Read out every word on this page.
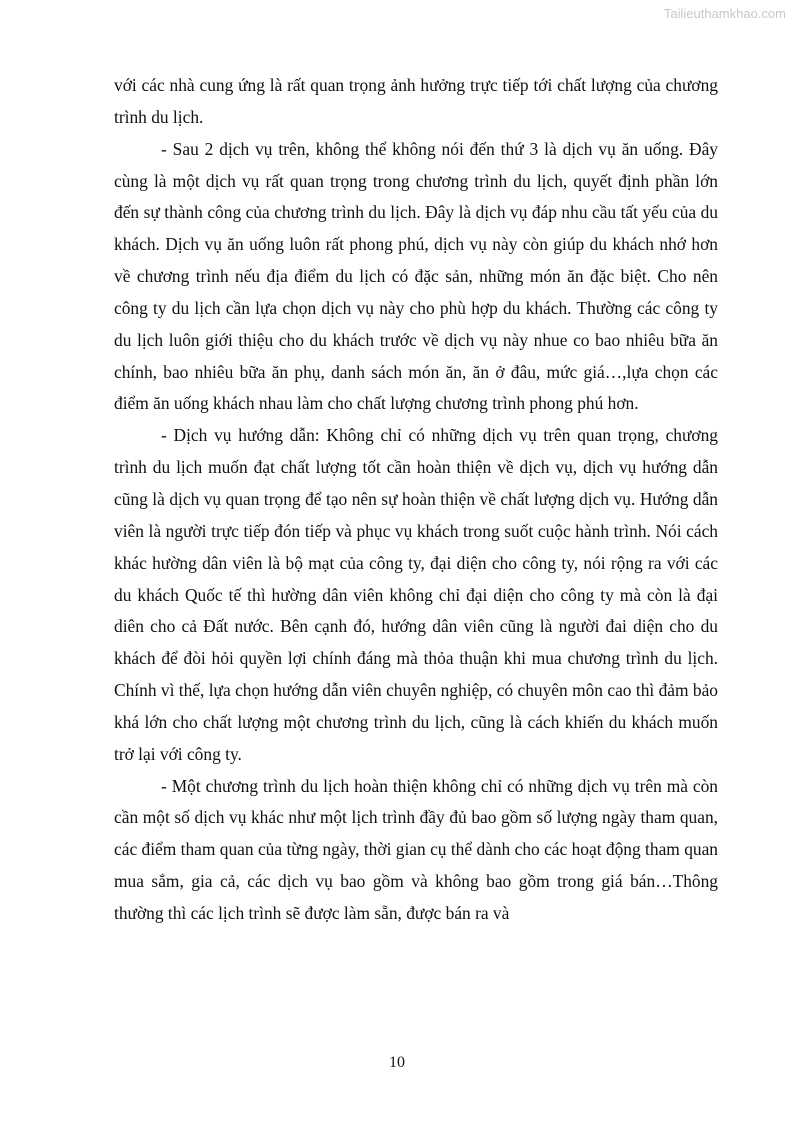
Tailieuthamkhao.com

với các nhà cung ứng là rất quan trọng ảnh hưởng trực tiếp tới chất lượng của chương trình du lịch.

- Sau 2 dịch vụ trên, không thể không nói đến thứ 3 là dịch vụ ăn uống. Đây cùng là một dịch vụ rất quan trọng trong chương trình du lịch, quyết định phần lớn đến sự thành công của chương trình du lịch. Đây là dịch vụ đáp nhu cầu tất yếu của du khách. Dịch vụ ăn uống luôn rất phong phú, dịch vụ này còn giúp du khách nhớ hơn về chương trình nếu địa điểm du lịch có đặc sản, những món ăn đặc biệt. Cho nên công ty du lịch cần lựa chọn dịch vụ này cho phù hợp du khách. Thường các công ty du lịch luôn giới thiệu cho du khách trước về dịch vụ này nhue co bao nhiêu bữa ăn chính, bao nhiêu bữa ăn phụ, danh sách món ăn, ăn ở đâu, mức giá…,lựa chọn các điểm ăn uống khách nhau làm cho chất lượng chương trình phong phú hơn.

- Dịch vụ hướng dẫn: Không chỉ có những dịch vụ trên quan trọng, chương trình du lịch muốn đạt chất lượng tốt cần hoàn thiện về dịch vụ, dịch vụ hướng dẫn cũng là dịch vụ quan trọng để tạo nên sự hoàn thiện về chất lượng dịch vụ. Hướng dẫn viên là người trực tiếp đón tiếp và phục vụ khách trong suốt cuộc hành trình. Nói cách khác hường dân viên là bộ mạt của công ty, đại diện cho công ty, nói rộng ra với các du khách Quốc tế thì hường dân viên không chỉ đại diện cho công ty mà còn là đại diên cho cả Đất nước. Bên cạnh đó, hướng dân viên cũng là người đai diện cho du khách để đòi hỏi quyền lợi chính đáng mà thỏa thuận khi mua chương trình du lịch. Chính vì thế, lựa chọn hướng dẫn viên chuyên nghiệp, có chuyên môn cao thì đảm bảo khá lớn cho chất lượng một chương trình du lịch, cũng là cách khiến du khách muốn trở lại với công ty.

- Một chương trình du lịch hoàn thiện không chỉ có những dịch vụ trên mà còn cần một số dịch vụ khác như một lịch trình đầy đủ bao gồm số lượng ngày tham quan, các điểm tham quan của từng ngày, thời gian cụ thể dành cho các hoạt động tham quan mua sắm, gia cả, các dịch vụ bao gồm và không bao gồm trong giá bán…Thông thường thì các lịch trình sẽ được làm sẵn, được bán ra và

10
